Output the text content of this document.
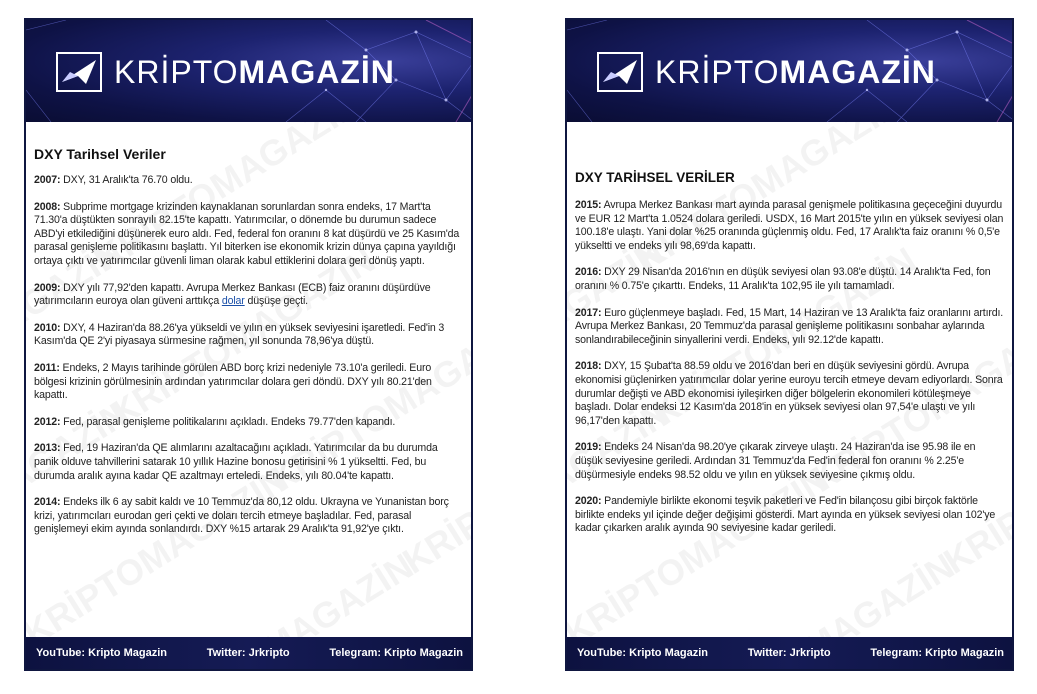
KRİPTOMAGAZİN
DXY Tarihsel Veriler

2007: DXY, 31 Aralık'ta 76.70 oldu.

2008: Subprime mortgage krizinden kaynaklanan sorunlardan sonra endeks, 17 Mart'ta 71.30'a düştükten sonrayılı 82.15'te kapattı. Yatırımcılar, o dönemde bu durumun sadece ABD'yi etkilediğini düşünerek euro aldı. Fed, federal fon oranını 8 kat düşürdü ve 25 Kasım'da parasal genişleme politikasını başlattı. Yıl biterken ise ekonomik krizin dünya çapına yayıldığı ortaya çıktı ve yatırımcılar güvenli liman olarak kabul ettiklerini dolara geri dönüş yaptı.

2009: DXY yılı 77,92'den kapattı. Avrupa Merkez Bankası (ECB) faiz oranını düşürdüve yatırımcıların euroya olan güveni arttıkça dolar düşüşe geçti.

2010: DXY, 4 Haziran'da 88.26'ya yükseldi ve yılın en yüksek seviyesini işaretledi. Fed'in 3 Kasım'da QE 2'yi piyasaya sürmesine rağmen, yıl sonunda 78,96'ya düştü.

2011: Endeks, 2 Mayıs tarihinde görülen ABD borç krizi nedeniyle 73.10'a geriledi. Euro bölgesi krizinin görülmesinin ardından yatırımcılar dolara geri döndü. DXY yılı 80.21'den kapattı.

2012: Fed, parasal genişleme politikalarını açıkladı. Endeks 79.77'den kapandı.

2013: Fed, 19 Haziran'da QE alımlarını azaltacağını açıkladı. Yatırımcılar da bu durumda panik olduve tahvillerini satarak 10 yıllık Hazine bonosu getirisini % 1 yükseltti. Fed, bu durumda aralık ayına kadar QE azaltmayı erteledi. Endeks, yılı 80.04'te kapattı.

2014: Endeks ilk 6 ay sabit kaldı ve 10 Temmuz'da 80,12 oldu. Ukrayna ve Yunanistan borç krizi, yatırımcıları eurodan geri çekti ve doları tercih etmeye başladılar. Fed, parasal genişlemeyi ekim ayında sonlandırdı. DXY %15 artarak 29 Aralık'ta 91,92'ye çıktı.

YouTube: Kripto Magazin	Twitter: Jrkripto	Telegram: Kripto Magazin
KRİPTOMAGAZİN
DXY TARİHSEL VERİLER

2015: Avrupa Merkez Bankası mart ayında parasal genişmele politikasına geçeceğini duyurdu ve EUR 12 Mart'ta 1.0524 dolara geriledi. USDX, 16 Mart 2015'te yılın en yüksek seviyesi olan 100.18'e ulaştı. Yani dolar %25 oranında güçlenmiş oldu. Fed, 17 Aralık'ta faiz oranını % 0,5'e yükseltti ve endeks yılı 98,69'da kapattı.

2016: DXY 29 Nisan'da 2016'nın en düşük seviyesi olan 93.08'e düştü. 14 Aralık'ta Fed, fon oranını % 0.75'e çıkarttı. Endeks, 11 Aralık'ta 102,95 ile yılı tamamladı.

2017: Euro güçlenmeye başladı. Fed, 15 Mart, 14 Haziran ve 13 Aralık'ta faiz oranlarını artırdı. Avrupa Merkez Bankası, 20 Temmuz'da parasal genişleme politikasını sonbahar aylarında sonlandırabileceğinin sinyallerini verdi. Endeks, yılı 92.12'de kapattı.

2018: DXY, 15 Şubat'ta 88.59 oldu ve 2016'dan beri en düşük seviyesini gördü. Avrupa ekonomisi güçlenirken yatırımcılar dolar yerine euroyu tercih etmeye devam ediyorlardı. Sonra durumlar değişti ve ABD ekonomisi iyileşirken diğer bölgelerin ekonomileri kötüleşmeye başladı. Dolar endeksi 12 Kasım'da 2018'in en yüksek seviyesi olan 97,54'e ulaştı ve yılı 96,17'den kapattı.

2019: Endeks 24 Nisan'da 98.20'ye çıkarak zirveye ulaştı. 24 Haziran'da ise 95.98 ile en düşük seviyesine geriledi. Ardından 31 Temmuz'da Fed'in federal fon oranını % 2.25'e düşürmesiyle endeks 98.52 oldu ve yılın en yüksek seviyesine çıkmış oldu.

2020: Pandemiyle birlikte ekonomi teşvik paketleri ve Fed'in bilançosu gibi birçok faktörle birlikte endeks yıl içinde değer değişimi gösterdi. Mart ayında en yüksek seviyesi olan 102'ye kadar çıkarken aralık ayında 90 seviyesine kadar geriledi.

YouTube: Kripto Magazin	Twitter: Jrkripto	Telegram: Kripto Magazin
